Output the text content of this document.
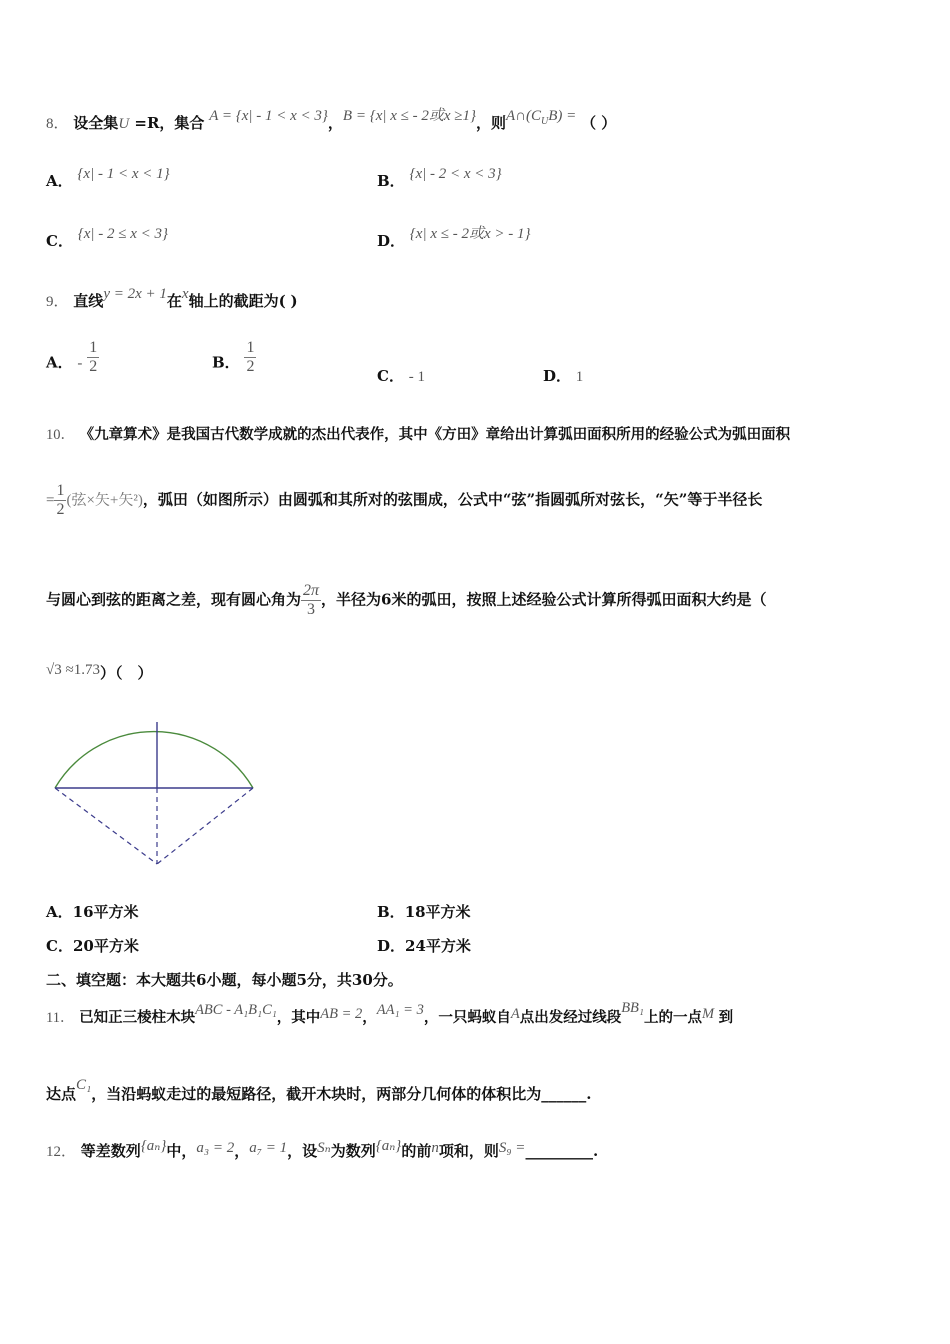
8． 设全集U =R，集合 A = {x| - 1 < x < 3}，B = {x| x ≤ - 2或x ≥1}，则$A\cap(C_UB)$ = （ ）
A． {x| - 1 < x < 1}	B． {x| - 2 < x < 3}
C． {x| - 2 ≤ x < 3}	D． {x| x ≤ - 2或x > - 1}
9． 直线y = 2x + 1在x轴上的截距为( )
A． - $\frac{1}{2}$	B． $\frac{1}{2}$	C． - 1	D． 1
10． 《九章算术》是我国古代数学成就的杰出代表作，其中《方田》章给出计算弧田面积所用的经验公式为弧田面积
= $\frac{1}{2}$ (弦×矢+矢²)，弧田（如图所示）由圆弧和其所对的弦围成，公式中“弦”指圆弧所对弦长，“矢”等于半径长
与圆心到弦的距离之差，现有圆心角为 $\frac{2\pi}{3}$ ，半径为6米的弧田，按照上述经验公式计算所得弧田面积大约是（
√3 ≈1.73）（　）
A．16平方米	B．18平方米
C．20平方米	D．24平方米
二、填空题：本大题共6小题，每小题5分，共30分。
11． 已知正三棱柱木块ABC - A₁B₁C₁，其中AB = 2，AA₁ = 3，一只蚂蚁自A点出发经过线段BB₁上的一点M 到
达点C₁，当沿蚂蚁走过的最短路径，截开木块时，两部分几何体的体积比为______.
12． 等差数列{aₙ}中，a₃ = 2，a₇ = 1，设Sₙ为数列{aₙ}的前n项和，则S₉ =_________.
